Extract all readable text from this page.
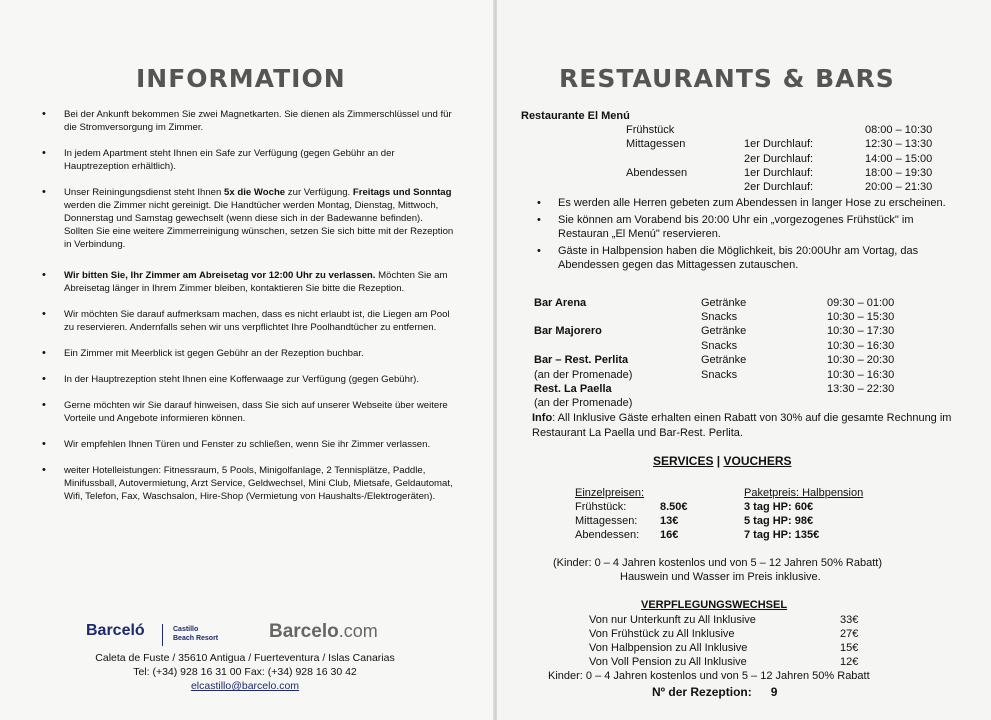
INFORMATION
• Bei der Ankunft bekommen Sie zwei Magnetkarten. Sie dienen als Zimmerschlüssel und für die Stromversorgung im Zimmer.
• In jedem Apartment steht Ihnen ein Safe zur Verfügung (gegen Gebühr an der Hauptrezeption erhältlich).
• Unser Reiningungsdienst steht Ihnen 5x die Woche zur Verfügung. Freitags und Sonntag werden die Zimmer nicht gereinigt. Die Handtücher werden Montag, Dienstag, Mittwoch, Donnerstag und Samstag gewechselt (wenn diese sich in der Badewanne befinden). Sollten Sie eine weitere Zimmerreinigung wünschen, setzen Sie sich bitte mit der Rezeption in Verbindung.
• Wir bitten Sie, Ihr Zimmer am Abreisetag vor 12:00 Uhr zu verlassen. Möchten Sie am Abreisetag länger in Ihrem Zimmer bleiben, kontaktieren Sie bitte die Rezeption.
• Wir möchten Sie darauf aufmerksam machen, dass es nicht erlaubt ist, die Liegen am Pool zu reservieren. Andernfalls sehen wir uns verpflichtet Ihre Poolhandtücher zu entfernen.
• Ein Zimmer mit Meerblick ist gegen Gebühr an der Rezeption buchbar.
• In der Hauptrezeption steht Ihnen eine Kofferwaage zur Verfügung (gegen Gebühr).
• Gerne möchten wir Sie darauf hinweisen, dass Sie sich auf unserer Webseite über weitere Vorteile und Angebote informieren können.
• Wir empfehlen Ihnen Türen und Fenster zu schließen, wenn Sie ihr Zimmer verlassen.
• weiter Hotelleistungen: Fitnessraum, 5 Pools, Minigolfanlage, 2 Tennisplätze, Paddle, Minifussball, Autovermietung, Arzt Service, Geldwechsel, Mini Club, Mietsafe, Geldautomat, Wifi, Telefon, Fax, Waschsalon, Hire-Shop (Vermietung von Haushalts-/Elektrogeräten).
Barceló	Castillo
Beach Resort	Barcelo.com
Caleta de Fuste / 35610 Antigua / Fuerteventura / Islas Canarias
Tel: (+34) 928 16 31 00 Fax: (+34) 928 16 30 42
elcastillo@barcelo.com
RESTAURANTS & BARS
Restaurante El Menú
Frühstück	08:00 – 10:30
Mittagessen	1er Durchlauf:	12:30 – 13:30
2er Durchlauf:	14:00 – 15:00
Abendessen	1er Durchlauf:	18:00 – 19:30
2er Durchlauf:	20:00 – 21:30
• Es werden alle Herren gebeten zum Abendessen in langer Hose zu erscheinen.
• Sie können am Vorabend bis 20:00 Uhr ein „vorgezogenes Frühstück" im Restauran „El Menú" reservieren.
• Gäste in Halbpension haben die Möglichkeit, bis 20:00Uhr am Vortag, das Abendessen gegen das Mittagessen zutauschen.
Bar Arena	Getränke	09:30 – 01:00
Snacks	10:30 – 15:30
Bar Majorero	Getränke	10:30 – 17:30
Snacks	10:30 – 16:30
Bar – Rest. Perlita	Getränke	10:30 – 20:30
(an der Promenade)	Snacks	10:30 – 16:30
Rest. La Paella	13:30 – 22:30
(an der Promenade)
Info: All Inklusive Gäste erhalten einen Rabatt von 30% auf die gesamte Rechnung im Restaurant La Paella und Bar-Rest. Perlita.
SERVICES | VOUCHERS
Einzelpreisen:	Paketpreis: Halbpension
Frühstück:	8.50€	3 tag HP: 60€
Mittagessen: 13€	5 tag HP: 98€
Abendessen: 16€	7 tag HP: 135€
(Kinder: 0 – 4 Jahren kostenlos und von 5 – 12 Jahren 50% Rabatt)
Hauswein und Wasser im Preis inklusive.
VERPFLEGUNGSWECHSEL
Von nur Unterkunft zu All Inklusive	33€
Von Frühstück zu All Inklusive	27€
Von Halbpension zu All Inklusive	15€
Von Voll Pension zu All Inklusive	12€
Kinder: 0 – 4 Jahren kostenlos und von 5 – 12 Jahren 50% Rabatt
Nº der Rezeption: 9
